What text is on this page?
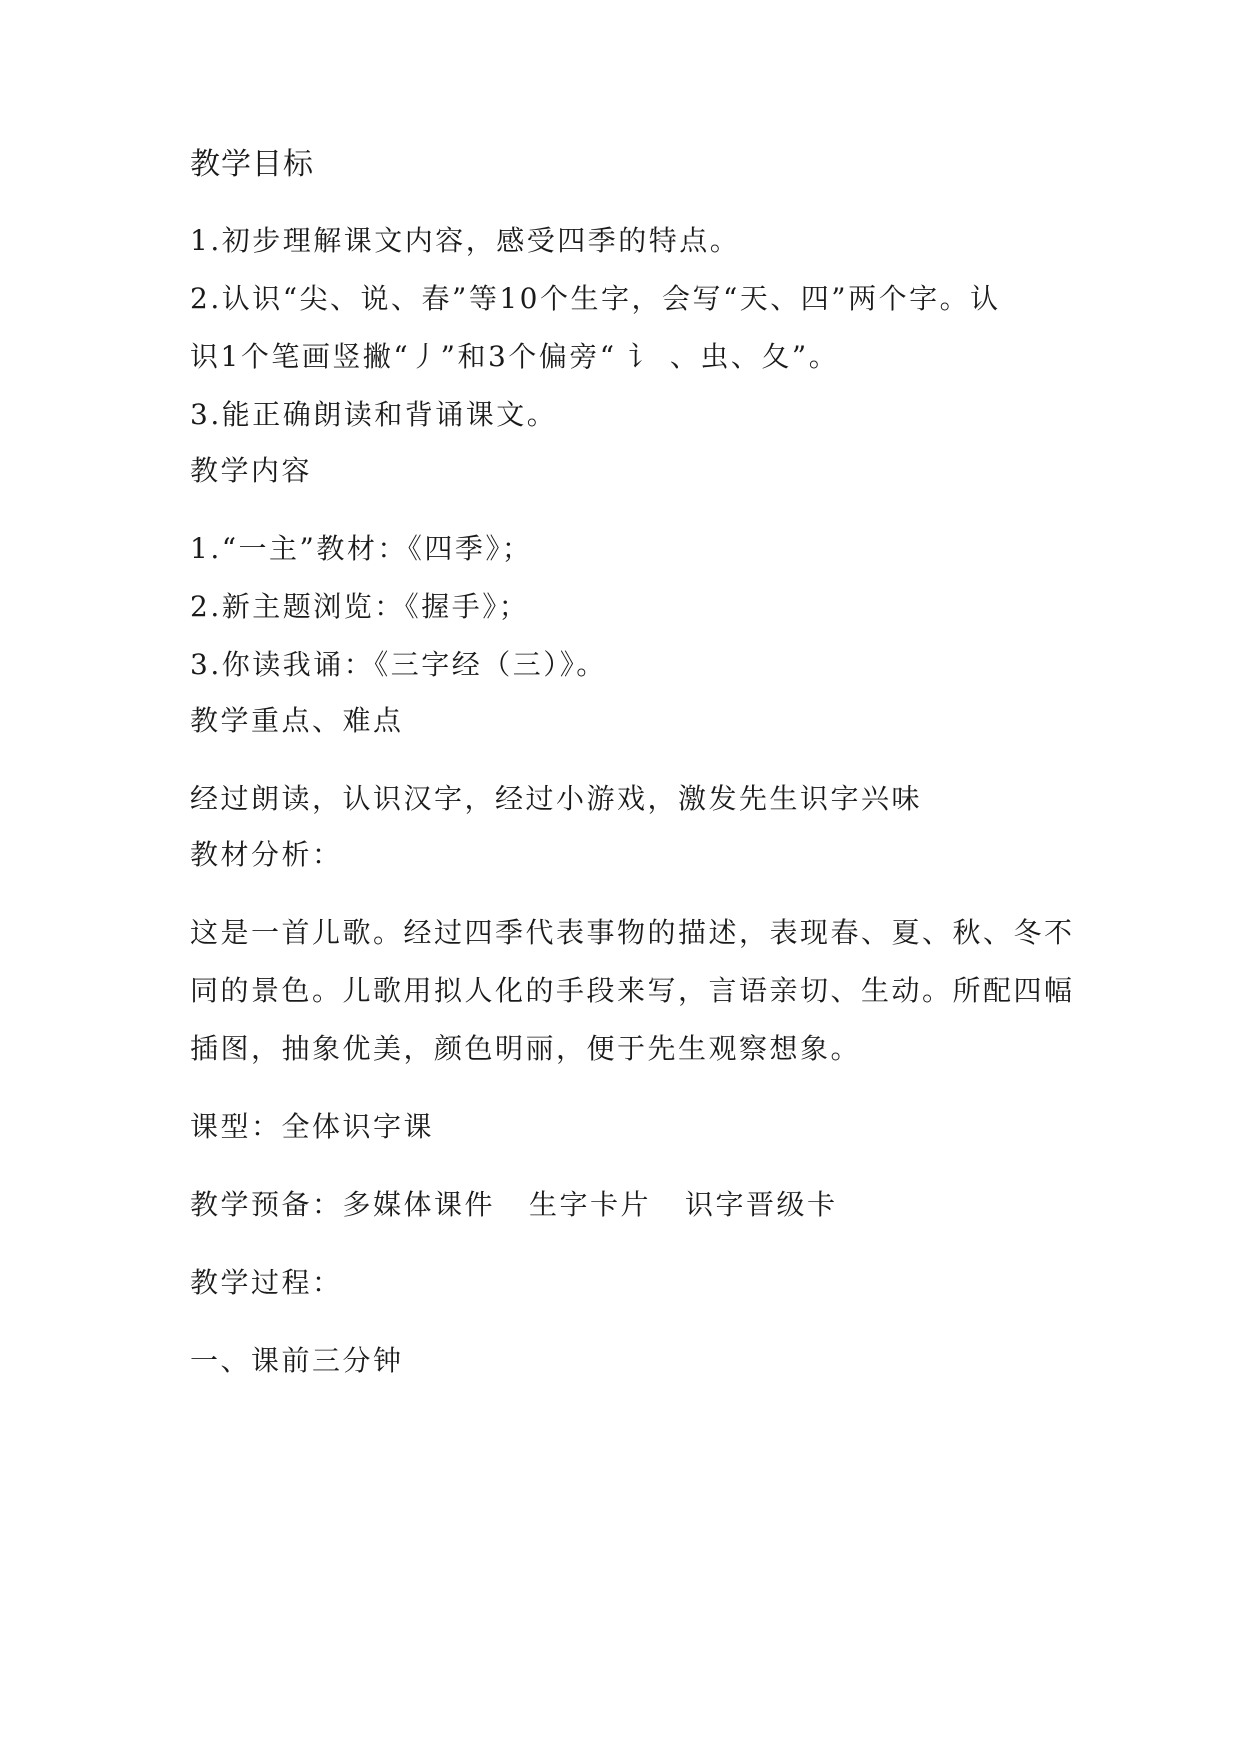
教学目标
1.初步理解课文内容，感受四季的特点。
2.认识“尖、说、春”等10个生字，会写“天、四”两个字。认
识1个笔画竖撇“丿”和3个偏旁“ 讠 、虫、夂”。
3.能正确朗读和背诵课文。
教学内容
1.“一主”教材：《四季》；
2.新主题浏览：《握手》；
3.你读我诵：《三字经（三）》。
教学重点、难点
经过朗读，认识汉字，经过小游戏，激发先生识字兴味
教材分析：
这是一首儿歌。经过四季代表事物的描述，表现春、夏、秋、冬不
同的景色。儿歌用拟人化的手段来写，言语亲切、生动。所配四幅
插图，抽象优美，颜色明丽，便于先生观察想象。
课型：全体识字课
教学预备：多媒体课件 生字卡片 识字晋级卡
教学过程：
一、课前三分钟
